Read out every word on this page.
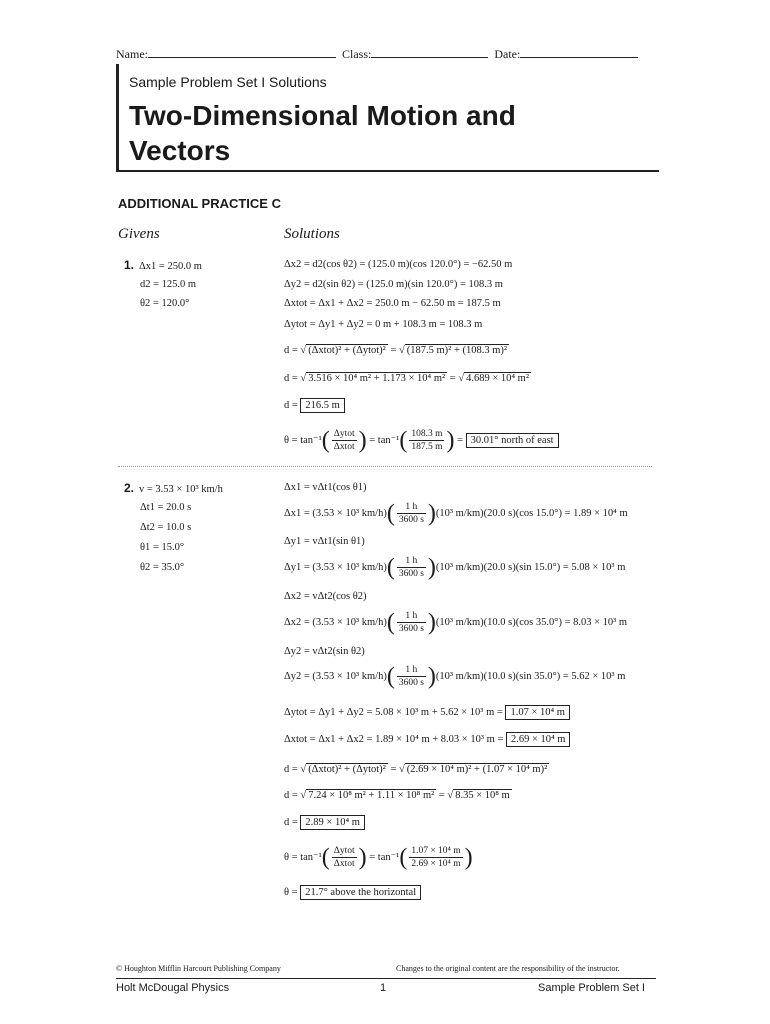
Name:	Class:	Date:
Sample Problem Set I Solutions
Two-Dimensional Motion and
Vectors
ADDITIONAL PRACTICE C
Givens	Solutions
1. Δx1 = 250.0 m
d2 = 125.0 m
θ2 = 120.0°
Δx2 = d2(cos θ2) = (125.0 m)(cos 120.0°) = −62.50 m
Δy2 = d2(sin θ2) = (125.0 m)(sin 120.0°) = 108.3 m
Δxtot = Δx1 + Δx2 = 250.0 m − 62.50 m = 187.5 m
Δytot = Δy1 + Δy2 = 0 m + 108.3 m = 108.3 m
d = √ (Δxtot)² + (Δytot)² = √ (187.5 m)² + (108.3 m)²
d = √ 3.516 × 10⁴ m² + 1.173 × 10⁴ m² = √ 4.689 × 10⁴ m²
d = 216.5 m
$\theta = \tan^{-1}( \frac{\text{Δytot}}{\text{Δxtot}}$ ) = $\tan^{-1}( \frac{108.3 m}{187.5 m}$ ) = 30.01° north of east
2. v = 3.53 × 10³ km/h
Δt1 = 20.0 s
Δt2 = 10.0 s
θ1 = 15.0°
θ2 = 35.0°
Δx1 = vΔt1(cos θ1)
Δx1 = (3.53 × 10³ $km/h)( \frac{1 h}{3600 s} )(10^3$ m/km)(20.0 s)(cos 15.0°) = 1.89 × 10⁴ m
Δy1 = vΔt1(sin θ1)
Δy1 = (3.53 × 10³ $km/h)( \frac{1 h}{3600 s} )(10^3$ m/km)(20.0 s)(sin 15.0°) = 5.08 × 10³ m
Δx2 = vΔt2(cos θ2)
Δx2 = (3.53 × 10³ $km/h)( \frac{1 h}{3600 s} )(10^3$ m/km)(10.0 s)(cos 35.0°) = 8.03 × 10³ m
Δy2 = vΔt2(sin θ2)
Δy2 = (3.53 × 10³ $km/h)( \frac{1 h}{3600 s} )(10^3$ m/km)(10.0 s)(sin 35.0°) = 5.62 × 10³ m
Δytot = Δy1 + Δy2 = 5.08 × 10³ m + 5.62 × 10³ m = 1.07 × 10⁴ m
Δxtot = Δx1 + Δx2 = 1.89 × 10⁴ m + 8.03 × 10³ m = 2.69 × 10⁴ m
d = √ (Δxtot)² + (Δytot)² = √ (2.69 × 10⁴ m)² + (1.07 × 10⁴ m)²
d = √ 7.24 × 10⁸ m² + 1.11 × 10⁸ m² = √ 8.35 × 10⁸ m
d = 2.89 × 10⁴ m
$\theta = \tan^{-1}( \frac{\text{Δytot}}{\text{Δxtot}}$ ) = $\tan^{-1}( \frac{\text{1.07 × 10⁴ m}}{\text{2.69 × 10⁴ m}}$ )
θ = 21.7° above the horizontal
© Houghton Mifflin Harcourt Publishing Company	Changes to the original content are the responsibility of the instructor.
Holt McDougal Physics	1	Sample Problem Set I
